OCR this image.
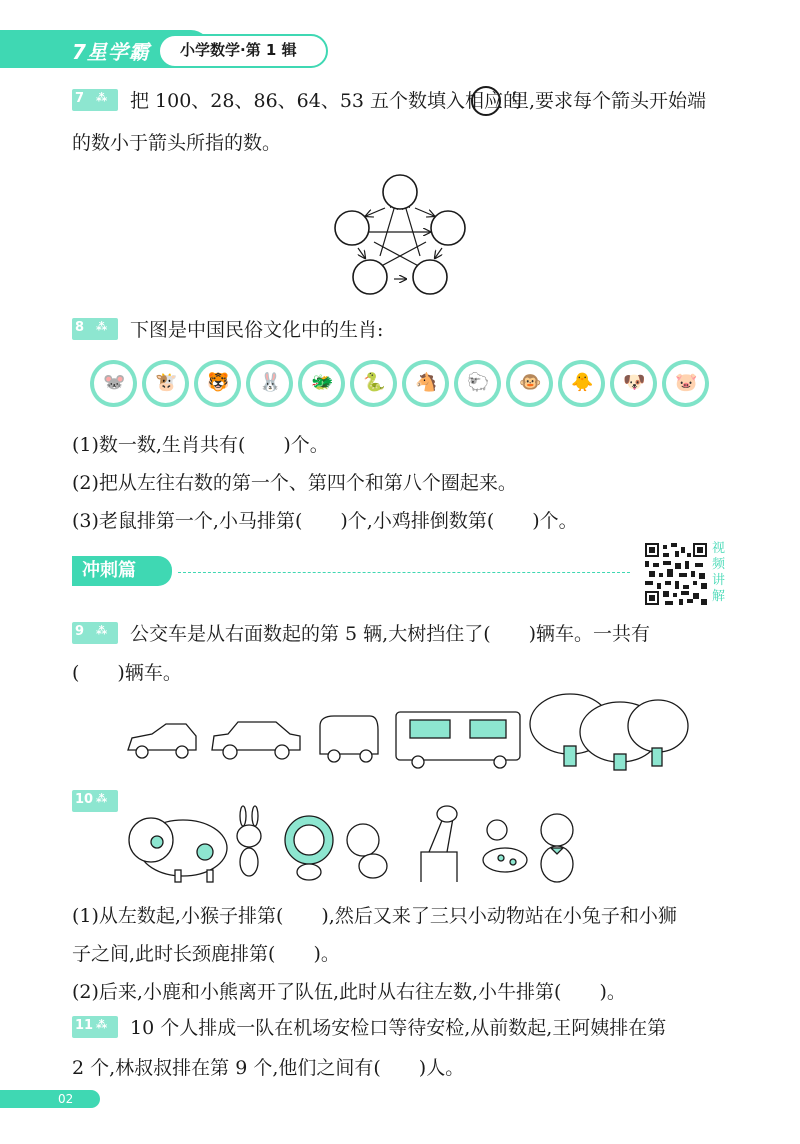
7星学霸 小学数学·第 1 辑
7 ⁂ 把 100、28、86、64、53 五个数填入相应的
里,要求每个箭头开始端
的数小于箭头所指的数。
8 ⁂ 下图是中国民俗文化中的生肖:
🐭 🐮 🐯 🐰 🐲 🐍 🐴 🐑 🐵 🐥 🐶 🐷
(1)数一数,生肖共有(　　)个。
(2)把从左往右数的第一个、第四个和第八个圈起来。
(3)老鼠排第一个,小马排第(　　)个,小鸡排倒数第(　　)个。
冲刺篇
视频讲解
9 ⁂ 公交车是从右面数起的第 5 辆,大树挡住了(　　)辆车。一共有
(　　)辆车。
10 ⁂
(1)从左数起,小猴子排第(　　),然后又来了三只小动物站在小兔子和小狮
子之间,此时长颈鹿排第(　　)。
(2)后来,小鹿和小熊离开了队伍,此时从右往左数,小牛排第(　　)。
11 ⁂ 10 个人排成一队在机场安检口等待安检,从前数起,王阿姨排在第
2 个,林叔叔排在第 9 个,他们之间有(　　)人。
02
